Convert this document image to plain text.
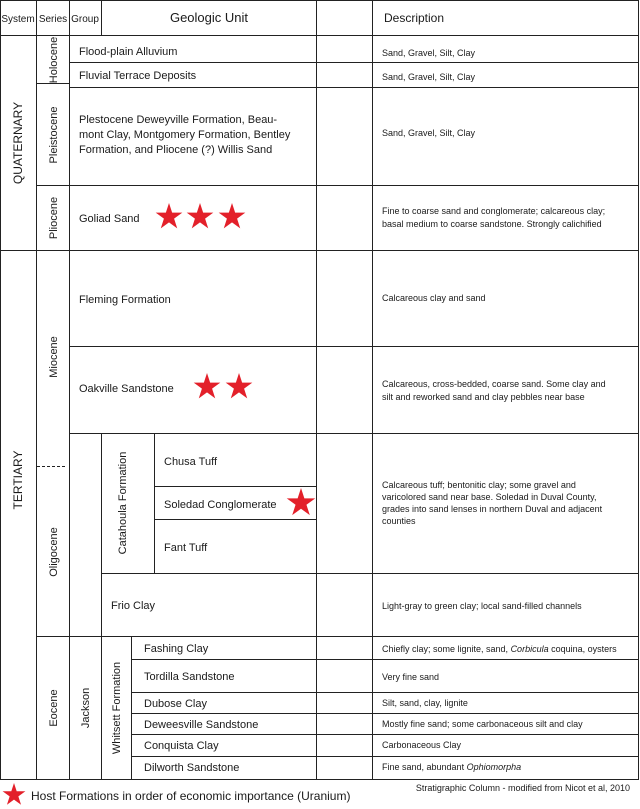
System Series Group	Geologic Unit	Description
QUATERNARY
TERTIARY
Holocene
Pleistocene
Pliocene
Miocene
Oligocene
Eocene Jackson
Catahoula Formation
Whitsett Formation
Flood-plain Alluvium
Fluvial Terrace Deposits
Plestocene Deweyville Formation, Beau-
mont Clay, Montgomery Formation, Bentley
Formation, and Pliocene (?) Willis Sand
Goliad Sand
Fleming Formation
Oakville Sandstone
Chusa Tuff
Soledad Conglomerate
Fant Tuff
Frio Clay
Fashing Clay
Tordilla Sandstone
Dubose Clay
Deweesville Sandstone
Conquista Clay
Dilworth Sandstone
Sand, Gravel, Silt, Clay
Sand, Gravel, Silt, Clay
Sand, Gravel, Silt, Clay
Fine to coarse sand and conglomerate; calcareous clay;
basal medium to coarse sandstone. Strongly calichified
Calcareous clay and sand
Calcareous, cross-bedded, coarse sand. Some clay and
silt and reworked sand and clay pebbles near base
Calcareous tuff; bentonitic clay; some gravel and
varicolored sand near base. Soledad in Duval County,
grades into sand lenses in northern Duval and adjacent
counties
Light-gray to green clay; local sand-filled channels
Chiefly clay; some lignite, sand, Corbicula coquina, oysters
Very fine sand
Silt, sand, clay, lignite
Mostly fine sand; some carbonaceous silt and clay
Carbonaceous Clay
Fine sand, abundant Ophiomorpha
Host Formations in order of economic importance (Uranium)
Stratigraphic Column - modified from Nicot et al, 2010
